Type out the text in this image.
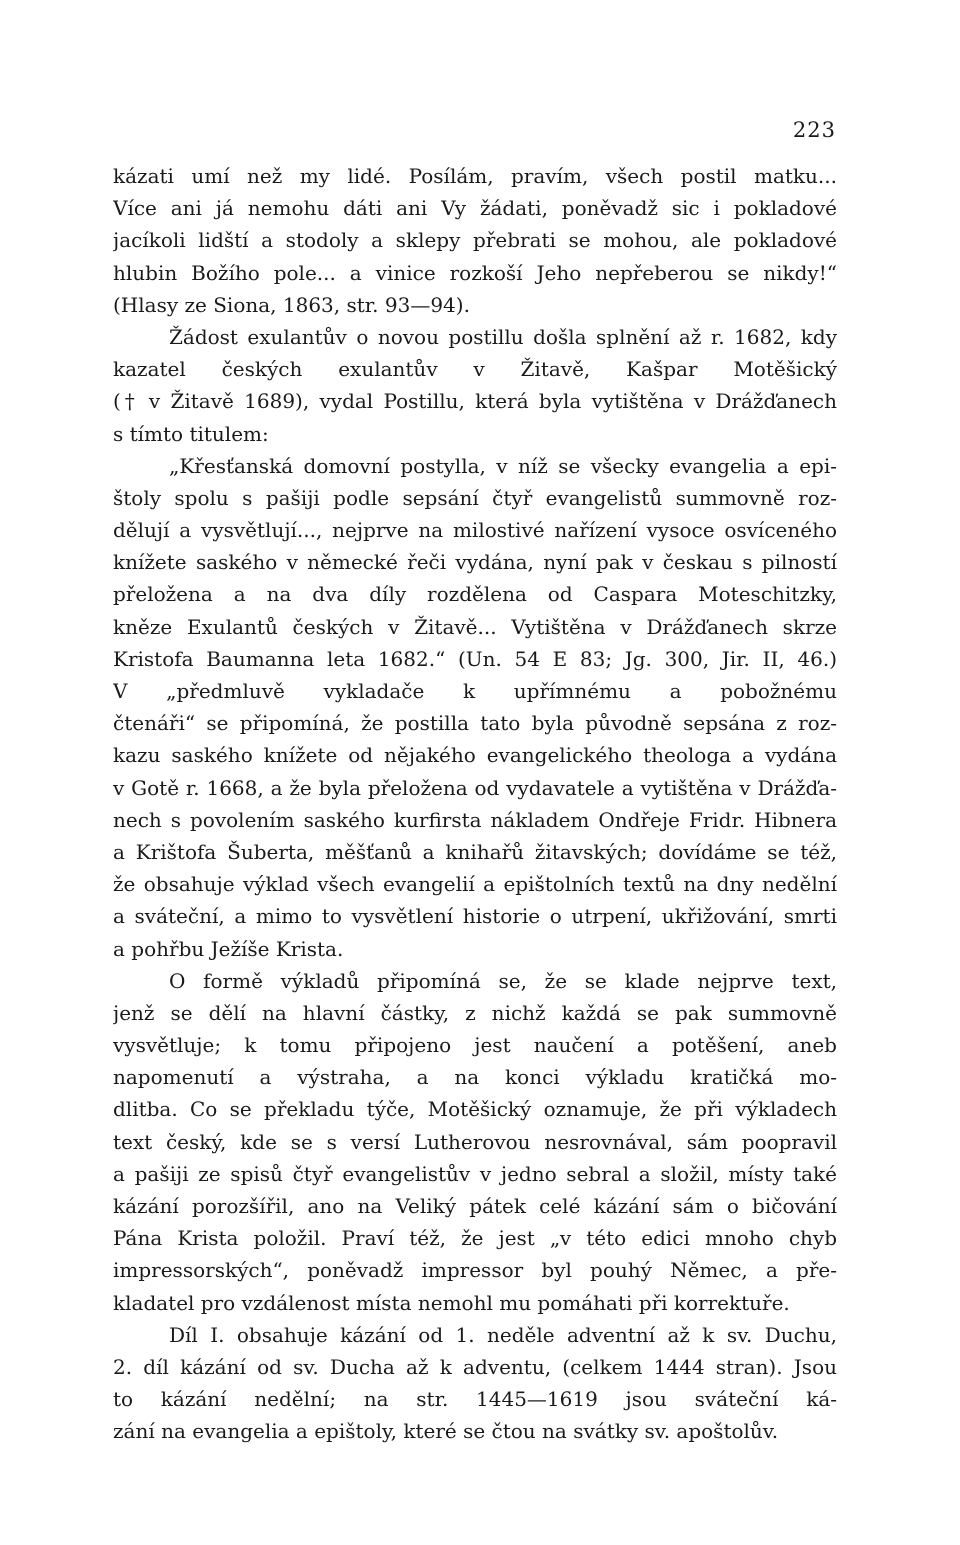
223
kázati umí než my lidé. Posílám, pravím, všech postil matku...
Více ani já nemohu dáti ani Vy žádati, poněvadž sic i pokladové
jacíkoli lidští a stodoly a sklepy přebrati se mohou, ale pokladové
hlubin Božího pole... a vinice rozkoší Jeho nepřeberou se nikdy!“
(Hlasy ze Siona, 1863, str. 93—94).
Žádost exulantův o novou postillu došla splnění až r. 1682, kdy
kazatel českých exulantův v Žitavě, Kašpar Motěšický
(† v Žitavě 1689), vydal Postillu, která byla vytištěna v Drážďanech
s tímto titulem:
„Křesťanská domovní postylla, v níž se všecky evangelia a epi-
štoly spolu s pašiji podle sepsání čtyř evangelistů summovně roz-
dělují a vysvětlují..., nejprve na milostivé nařízení vysoce osvíceného
knížete saského v německé řeči vydána, nyní pak v českau s pilností
přeložena a na dva díly rozdělena od Caspara Moteschitzky,
kněze Exulantů českých v Žitavě... Vytištěna v Drážďanech skrze
Kristofa Baumanna leta 1682.“ (Un. 54 E 83; Jg. 300, Jir. II, 46.)
V „předmluvě vykladače k upřímnému a pobožnému
čtenáři“ se připomíná, že postilla tato byla původně sepsána z roz-
kazu saského knížete od nějakého evangelického theologa a vydána
v Gotě r. 1668, a že byla přeložena od vydavatele a vytištěna v Drážďa-
nech s povolením saského kurfirsta nákladem Ondřeje Fridr. Hibnera
a Krištofa Šuberta, měšťanů a knihařů žitavských; dovídáme se též,
že obsahuje výklad všech evangelií a epištolních textů na dny nedělní
a sváteční, a mimo to vysvětlení historie o utrpení, ukřižování, smrti
a pohřbu Ježíše Krista.
O formě výkladů připomíná se, že se klade nejprve text,
jenž se dělí na hlavní částky, z nichž každá se pak summovně
vysvětluje; k tomu připojeno jest naučení a potěšení, aneb
napomenutí a výstraha, a na konci výkladu kratičká mo-
dlitba. Co se překladu týče, Motěšický oznamuje, že při výkladech
text český, kde se s versí Lutherovou nesrovnával, sám poopravil
a pašiji ze spisů čtyř evangelistův v jedno sebral a složil, místy také
kázání porozšířil, ano na Veliký pátek celé kázání sám o bičování
Pána Krista položil. Praví též, že jest „v této edici mnoho chyb
impressorských“, poněvadž impressor byl pouhý Němec, a pře-
kladatel pro vzdálenost místa nemohl mu pomáhati při korrektuře.
Díl I. obsahuje kázání od 1. neděle adventní až k sv. Duchu,
2. díl kázání od sv. Ducha až k adventu, (celkem 1444 stran). Jsou
to kázání nedělní; na str. 1445—1619 jsou sváteční ká-
zání na evangelia a epištoly, které se čtou na svátky sv. apoštolův.
